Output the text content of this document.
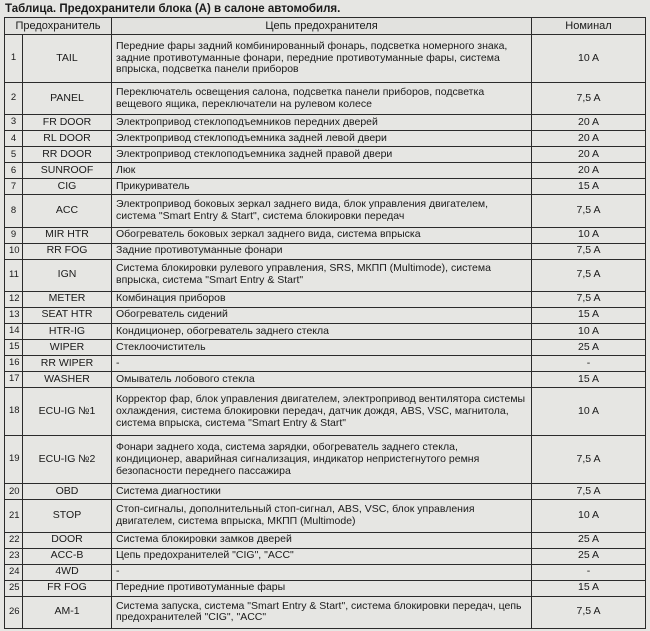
Таблица. Предохранители блока (А) в салоне автомобиля.
Предохранитель		Цепь предохранителя	Номинал
1	TAIL	Передние фары задний комбинированный фонарь, подсветка номерного знака, задние противотуманные фонари, передние противотуманные фары, система впрыска, подсветка панели приборов	10 A
2	PANEL	Переключатель освещения салона, подсветка панели приборов, подсветка вещевого ящика, переключатели на рулевом колесе	7,5 A
3	FR DOOR	Электропривод стеклоподъемников передних дверей	20 A
4	RL DOOR	Электропривод стеклоподъемника задней левой двери	20 A
5	RR DOOR	Электропривод стеклоподъемника задней правой двери	20 A
6	SUNROOF	Люк	20 A
7	CIG	Прикуриватель	15 A
8	ACC	Электропривод боковых зеркал заднего вида, блок управления двигателем, система "Smart Entry & Start", система блокировки передач	7,5 A
9	MIR HTR	Обогреватель боковых зеркал заднего вида, система впрыска	10 A
10	RR FOG	Задние противотуманные фонари	7,5 A
11	IGN	Система блокировки рулевого управления, SRS, МКПП (Multimode), система впрыска, система "Smart Entry & Start"	7,5 A
12	METER	Комбинация приборов	7,5 A
13	SEAT HTR	Обогреватель сидений	15 A
14	HTR-IG	Кондиционер, обогреватель заднего стекла	10 A
15	WIPER	Стеклоочиститель	25 A
16	RR WIPER	-	-
17	WASHER	Омыватель лобового стекла	15 A
18	ECU-IG №1	Корректор фар, блок управления двигателем, электропривод вентилятора системы охлаждения, система блокировки передач, датчик дождя, ABS, VSC, магнитола, система впрыска, система "Smart Entry & Start"	10 A
19	ECU-IG №2	Фонари заднего хода, система зарядки, обогреватель заднего стекла, кондиционер, аварийная сигнализация, индикатор непристегнутого ремня безопасности переднего пассажира	7,5 A
20	OBD	Система диагностики	7,5 A
21	STOP	Стоп-сигналы, дополнительный стоп-сигнал, ABS, VSC, блок управления двигателем, система впрыска, МКПП (Multimode)	10 A
22	DOOR	Система блокировки замков дверей	25 A
23	ACC-B	Цепь предохранителей "CIG", "ACC"	25 A
24	4WD	-	-
25	FR FOG	Передние противотуманные фары	15 A
26	AM-1	Система запуска, система "Smart Entry & Start", система блокировки передач, цепь предохранителей "CIG", "ACC"	7,5 A
